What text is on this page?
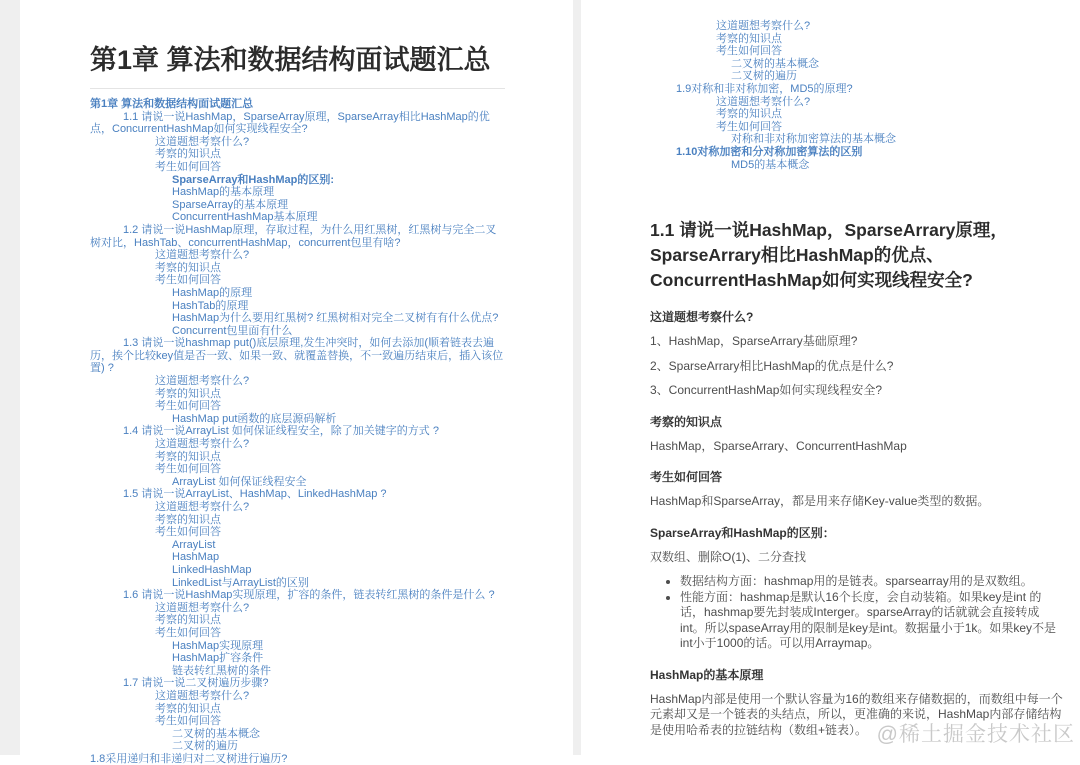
第1章 算法和数据结构面试题汇总
第1章 算法和数据结构面试题汇总
1.1 请说一说HashMap，SparseArray原理，SparseArray相比HashMap的优点，ConcurrentHashMap如何实现线程安全?
这道题想考察什么?
考察的知识点
考生如何回答
SparseArray和HashMap的区别:
HashMap的基本原理
SparseArray的基本原理
ConcurrentHashMap基本原理
1.2 请说一说HashMap原理，存取过程，为什么用红黑树，红黑树与完全二叉树对比，HashTab、concurrentHashMap，concurrent包里有啥?
这道题想考察什么?
考察的知识点
考生如何回答
HashMap的原理
HashTab的原理
HashMap为什么要用红黑树? 红黑树相对完全二叉树有有什么优点?
Concurrent包里面有什么
1.3 请说一说hashmap put()底层原理,发生冲突时，如何去添加(顺着链表去遍历，挨个比较key值是否一致、如果一致、就覆盖替换，不一致遍历结束后，插入该位置) ?
这道题想考察什么?
考察的知识点
考生如何回答
HashMap put函数的底层源码解析
1.4 请说一说ArrayList 如何保证线程安全，除了加关键字的方式 ?
这道题想考察什么?
考察的知识点
考生如何回答
ArrayList 如何保证线程安全
1.5 请说一说ArrayList、HashMap、LinkedHashMap ?
这道题想考察什么?
考察的知识点
考生如何回答
ArrayList
HashMap
LinkedHashMap
LinkedList与ArrayList的区别
1.6 请说一说HashMap实现原理，扩容的条件，链表转红黑树的条件是什么 ?
这道题想考察什么?
考察的知识点
考生如何回答
HashMap实现原理
HashMap扩容条件
链表转红黑树的条件
1.7 请说一说二叉树遍历步骤?
这道题想考察什么?
考察的知识点
考生如何回答
二叉树的基本概念
二叉树的遍历
1.8采用递归和非递归对二叉树进行遍历?
这道题想考察什么?
考察的知识点
考生如何回答
二叉树的基本概念
二叉树的遍历
1.9对称和非对称加密，MD5的原理?
这道题想考察什么?
考察的知识点
考生如何回答
对称和非对称加密算法的基本概念
1.10对称加密和分对称加密算法的区别
MD5的基本概念
1.1 请说一说HashMap，SparseArrary原理，SparseArrary相比HashMap的优点、ConcurrentHashMap如何实现线程安全?
这道题想考察什么?

1、HashMap，SparseArrary基础原理?

2、SparseArrary相比HashMap的优点是什么?

3、ConcurrentHashMap如何实现线程安全?

考察的知识点

HashMap，SparseArrary、ConcurrentHashMap

考生如何回答

HashMap和SparseArray，都是用来存储Key-value类型的数据。

SparseArray和HashMap的区别：

双数组、删除O(1)、二分查找

• 数据结构方面：hashmap用的是链表。sparsearray用的是双数组。
• 性能方面：hashmap是默认16个长度，会自动装箱。如果key是int 的话，hashmap要先封装成Interger。sparseArray的话就就会直接转成int。所以spaseArray用的限制是key是int。数据量小于1k。如果key不是int小于1000的话。可以用Arraymap。
HashMap的基本原理

HashMap内部是使用一个默认容量为16的数组来存储数据的，而数组中每一个元素却又是一个链表的头结点，所以，更准确的来说，HashMap内部存储结构是使用哈希表的拉链结构（数组+链表）。 @稀土掘金技术社区
